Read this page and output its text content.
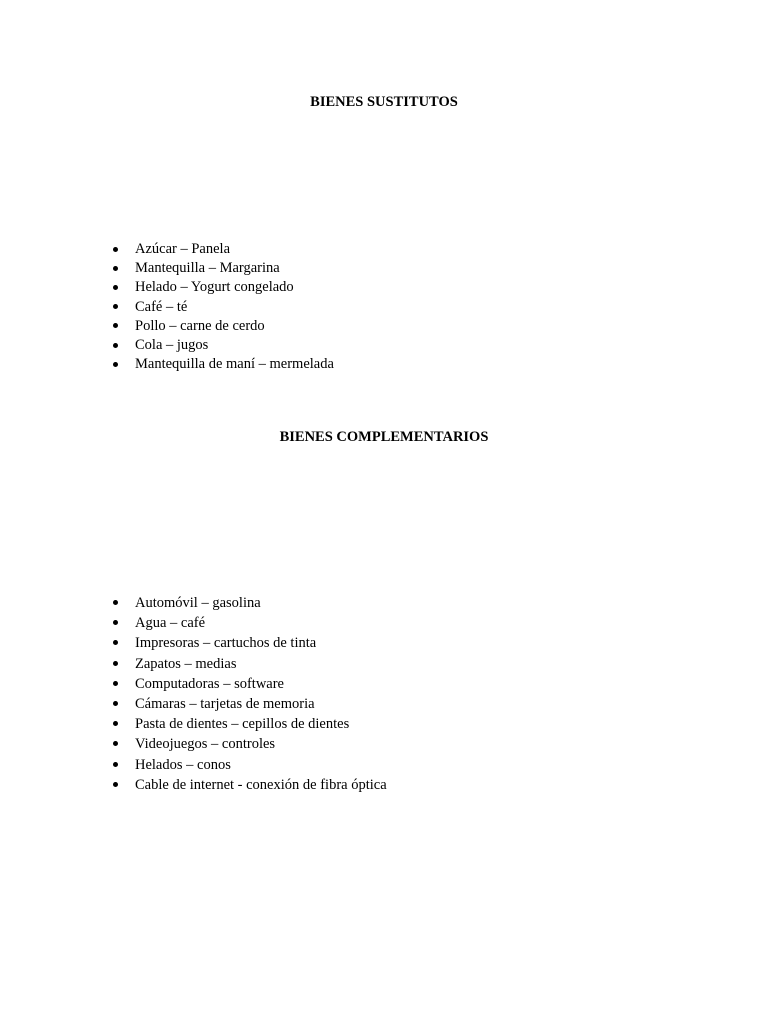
BIENES SUSTITUTOS
Azúcar – Panela
Mantequilla – Margarina
Helado – Yogurt congelado
Café – té
Pollo – carne de cerdo
Cola – jugos
Mantequilla de maní – mermelada
BIENES COMPLEMENTARIOS
Automóvil – gasolina
Agua – café
Impresoras – cartuchos de tinta
Zapatos – medias
Computadoras – software
Cámaras – tarjetas de memoria
Pasta de dientes – cepillos de dientes
Videojuegos – controles
Helados – conos
Cable de internet - conexión de fibra óptica
